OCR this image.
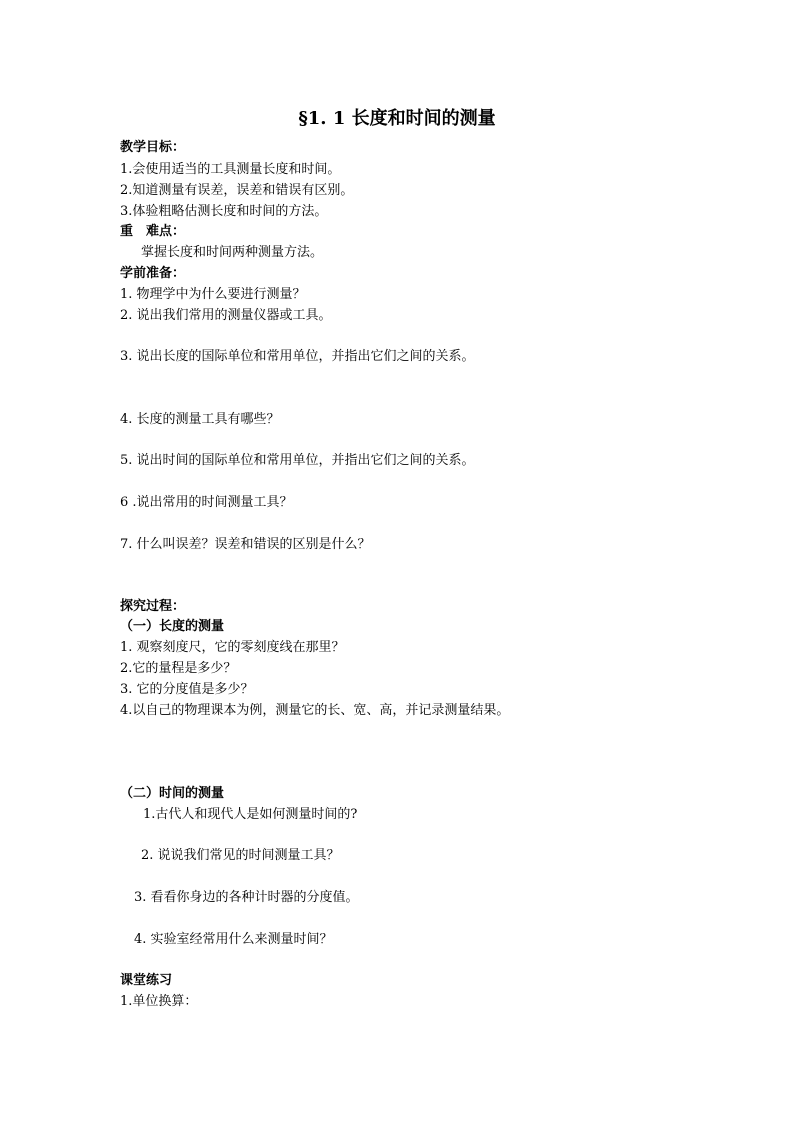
§1. 1 长度和时间的测量
教学目标：
1.会使用适当的工具测量长度和时间。
2.知道测量有误差，误差和错误有区别。
3.体验粗略估测长度和时间的方法。
重　难点：
掌握长度和时间两种测量方法。
学前准备：
1. 物理学中为什么要进行测量？
2. 说出我们常用的测量仪器或工具。
3. 说出长度的国际单位和常用单位，并指出它们之间的关系。
4. 长度的测量工具有哪些？
5. 说出时间的国际单位和常用单位，并指出它们之间的关系。
6 .说出常用的时间测量工具？
7. 什么叫误差？误差和错误的区别是什么？
探究过程：
（一）长度的测量
1. 观察刻度尺，它的零刻度线在那里？
2.它的量程是多少？
3. 它的分度值是多少？
4.以自己的物理课本为例，测量它的长、宽、高，并记录测量结果。
（二）时间的测量
1.古代人和现代人是如何测量时间的?
2. 说说我们常见的时间测量工具？
3. 看看你身边的各种计时器的分度值。
4. 实验室经常用什么来测量时间？
课堂练习
1.单位换算：
